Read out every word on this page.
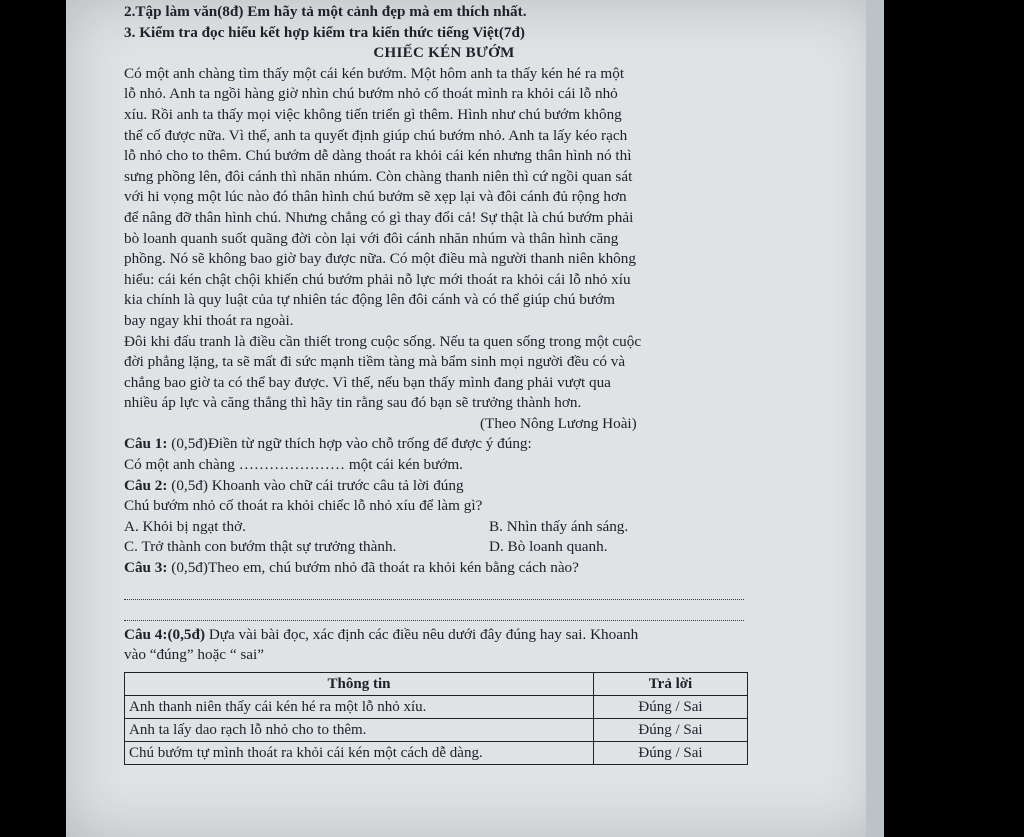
2.Tập làm văn(8đ) Em hãy tả một cảnh đẹp mà em thích nhất.
3. Kiểm tra đọc hiểu kết hợp kiểm tra kiến thức tiếng Việt(7đ)
CHIẾC KÉN BƯỚM
Có một anh chàng tìm thấy một cái kén bướm. Một hôm anh ta thấy kén hé ra một
lỗ nhỏ. Anh ta ngồi hàng giờ nhìn chú bướm nhỏ cố thoát mình ra khỏi cái lỗ nhỏ
xíu. Rồi anh ta thấy mọi việc không tiến triển gì thêm. Hình như chú bướm không
thể cố được nữa. Vì thế, anh ta quyết định giúp chú bướm nhỏ. Anh ta lấy kéo rạch
lỗ nhỏ cho to thêm. Chú bướm dễ dàng thoát ra khỏi cái kén nhưng thân hình nó thì
sưng phồng lên, đôi cánh thì nhăn nhúm. Còn chàng thanh niên thì cứ ngồi quan sát
với hi vọng một lúc nào đó thân hình chú bướm sẽ xẹp lại và đôi cánh đủ rộng hơn
để nâng đỡ thân hình chú. Nhưng chẳng có gì thay đổi cả! Sự thật là chú bướm phải
bò loanh quanh suốt quãng đời còn lại với đôi cánh nhăn nhúm và thân hình căng
phồng. Nó sẽ không bao giờ bay được nữa. Có một điều mà người thanh niên không
hiểu: cái kén chật chội khiến chú bướm phải nỗ lực mới thoát ra khỏi cái lỗ nhỏ xíu
kia chính là quy luật của tự nhiên tác động lên đôi cánh và có thể giúp chú bướm
bay ngay khi thoát ra ngoài.
Đôi khi đấu tranh là điều cần thiết trong cuộc sống. Nếu ta quen sống trong một cuộc
đời phẳng lặng, ta sẽ mất đi sức mạnh tiềm tàng mà bẩm sinh mọi người đều có và
chẳng bao giờ ta có thể bay được. Vì thế, nếu bạn thấy mình đang phải vượt qua
nhiều áp lực và căng thẳng thì hãy tin rằng sau đó bạn sẽ trưởng thành hơn.
(Theo Nông Lương Hoài)
Câu 1: (0,5đ)Điền từ ngữ thích hợp vào chỗ trống để được ý đúng:
Có một anh chàng ………………… một cái kén bướm.
Câu 2: (0,5đ) Khoanh vào chữ cái trước câu tả lời đúng
Chú bướm nhỏ cố thoát ra khỏi chiếc lỗ nhỏ xíu để làm gì?
A. Khỏi bị ngạt thở.	B. Nhìn thấy ánh sáng.
C. Trở thành con bướm thật sự trưởng thành.	D. Bò loanh quanh.
Câu 3: (0,5đ)Theo em, chú bướm nhỏ đã thoát ra khỏi kén bằng cách nào?
Câu 4:(0,5đ) Dựa vài bài đọc, xác định các điều nêu dưới đây đúng hay sai. Khoanh
vào “đúng” hoặc “ sai”
Thông tin	Trả lời
Anh thanh niên thấy cái kén hé ra một lỗ nhỏ xíu.	Đúng / Sai
Anh ta lấy dao rạch lỗ nhỏ cho to thêm.	Đúng / Sai
Chú bướm tự mình thoát ra khỏi cái kén một cách dễ dàng.	Đúng / Sai
